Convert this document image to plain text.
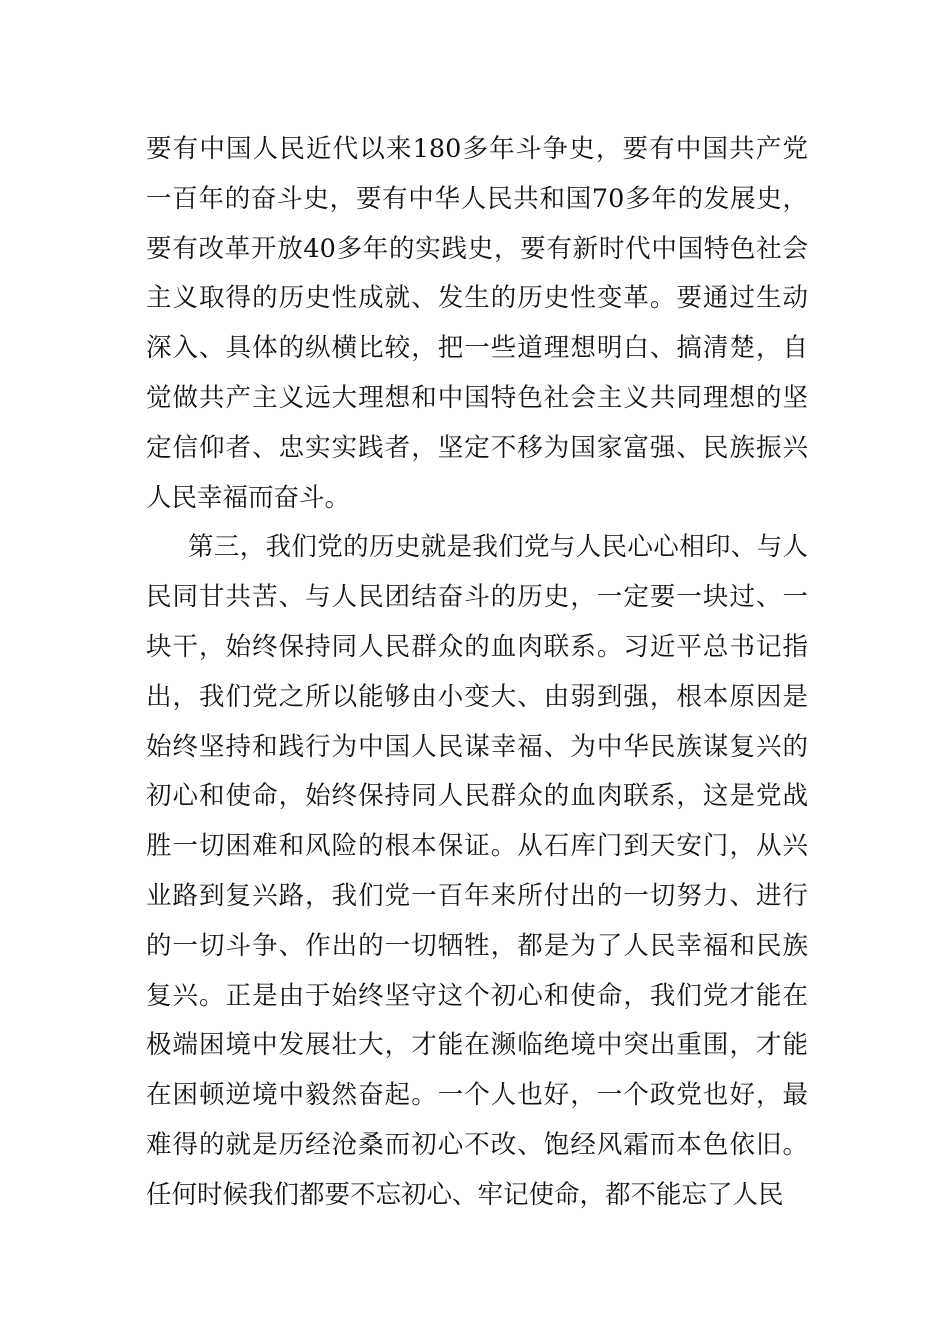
要有中国人民近代以来180多年斗争史，要有中国共产党
一百年的奋斗史，要有中华人民共和国70多年的发展史，
要有改革开放40多年的实践史，要有新时代中国特色社会
主义取得的历史性成就、发生的历史性变革。要通过生动
深入、具体的纵横比较，把一些道理想明白、搞清楚，自
觉做共产主义远大理想和中国特色社会主义共同理想的坚
定信仰者、忠实实践者，坚定不移为国家富强、民族振兴
人民幸福而奋斗。
第三，我们党的历史就是我们党与人民心心相印、与人
民同甘共苦、与人民团结奋斗的历史，一定要一块过、一
块干，始终保持同人民群众的血肉联系。习近平总书记指
出，我们党之所以能够由小变大、由弱到强，根本原因是
始终坚持和践行为中国人民谋幸福、为中华民族谋复兴的
初心和使命，始终保持同人民群众的血肉联系，这是党战
胜一切困难和风险的根本保证。从石库门到天安门，从兴
业路到复兴路，我们党一百年来所付出的一切努力、进行
的一切斗争、作出的一切牺牲，都是为了人民幸福和民族
复兴。正是由于始终坚守这个初心和使命，我们党才能在
极端困境中发展壮大，才能在濒临绝境中突出重围，才能
在困顿逆境中毅然奋起。一个人也好，一个政党也好，最
难得的就是历经沧桑而初心不改、饱经风霜而本色依旧。
任何时候我们都要不忘初心、牢记使命，都不能忘了人民
